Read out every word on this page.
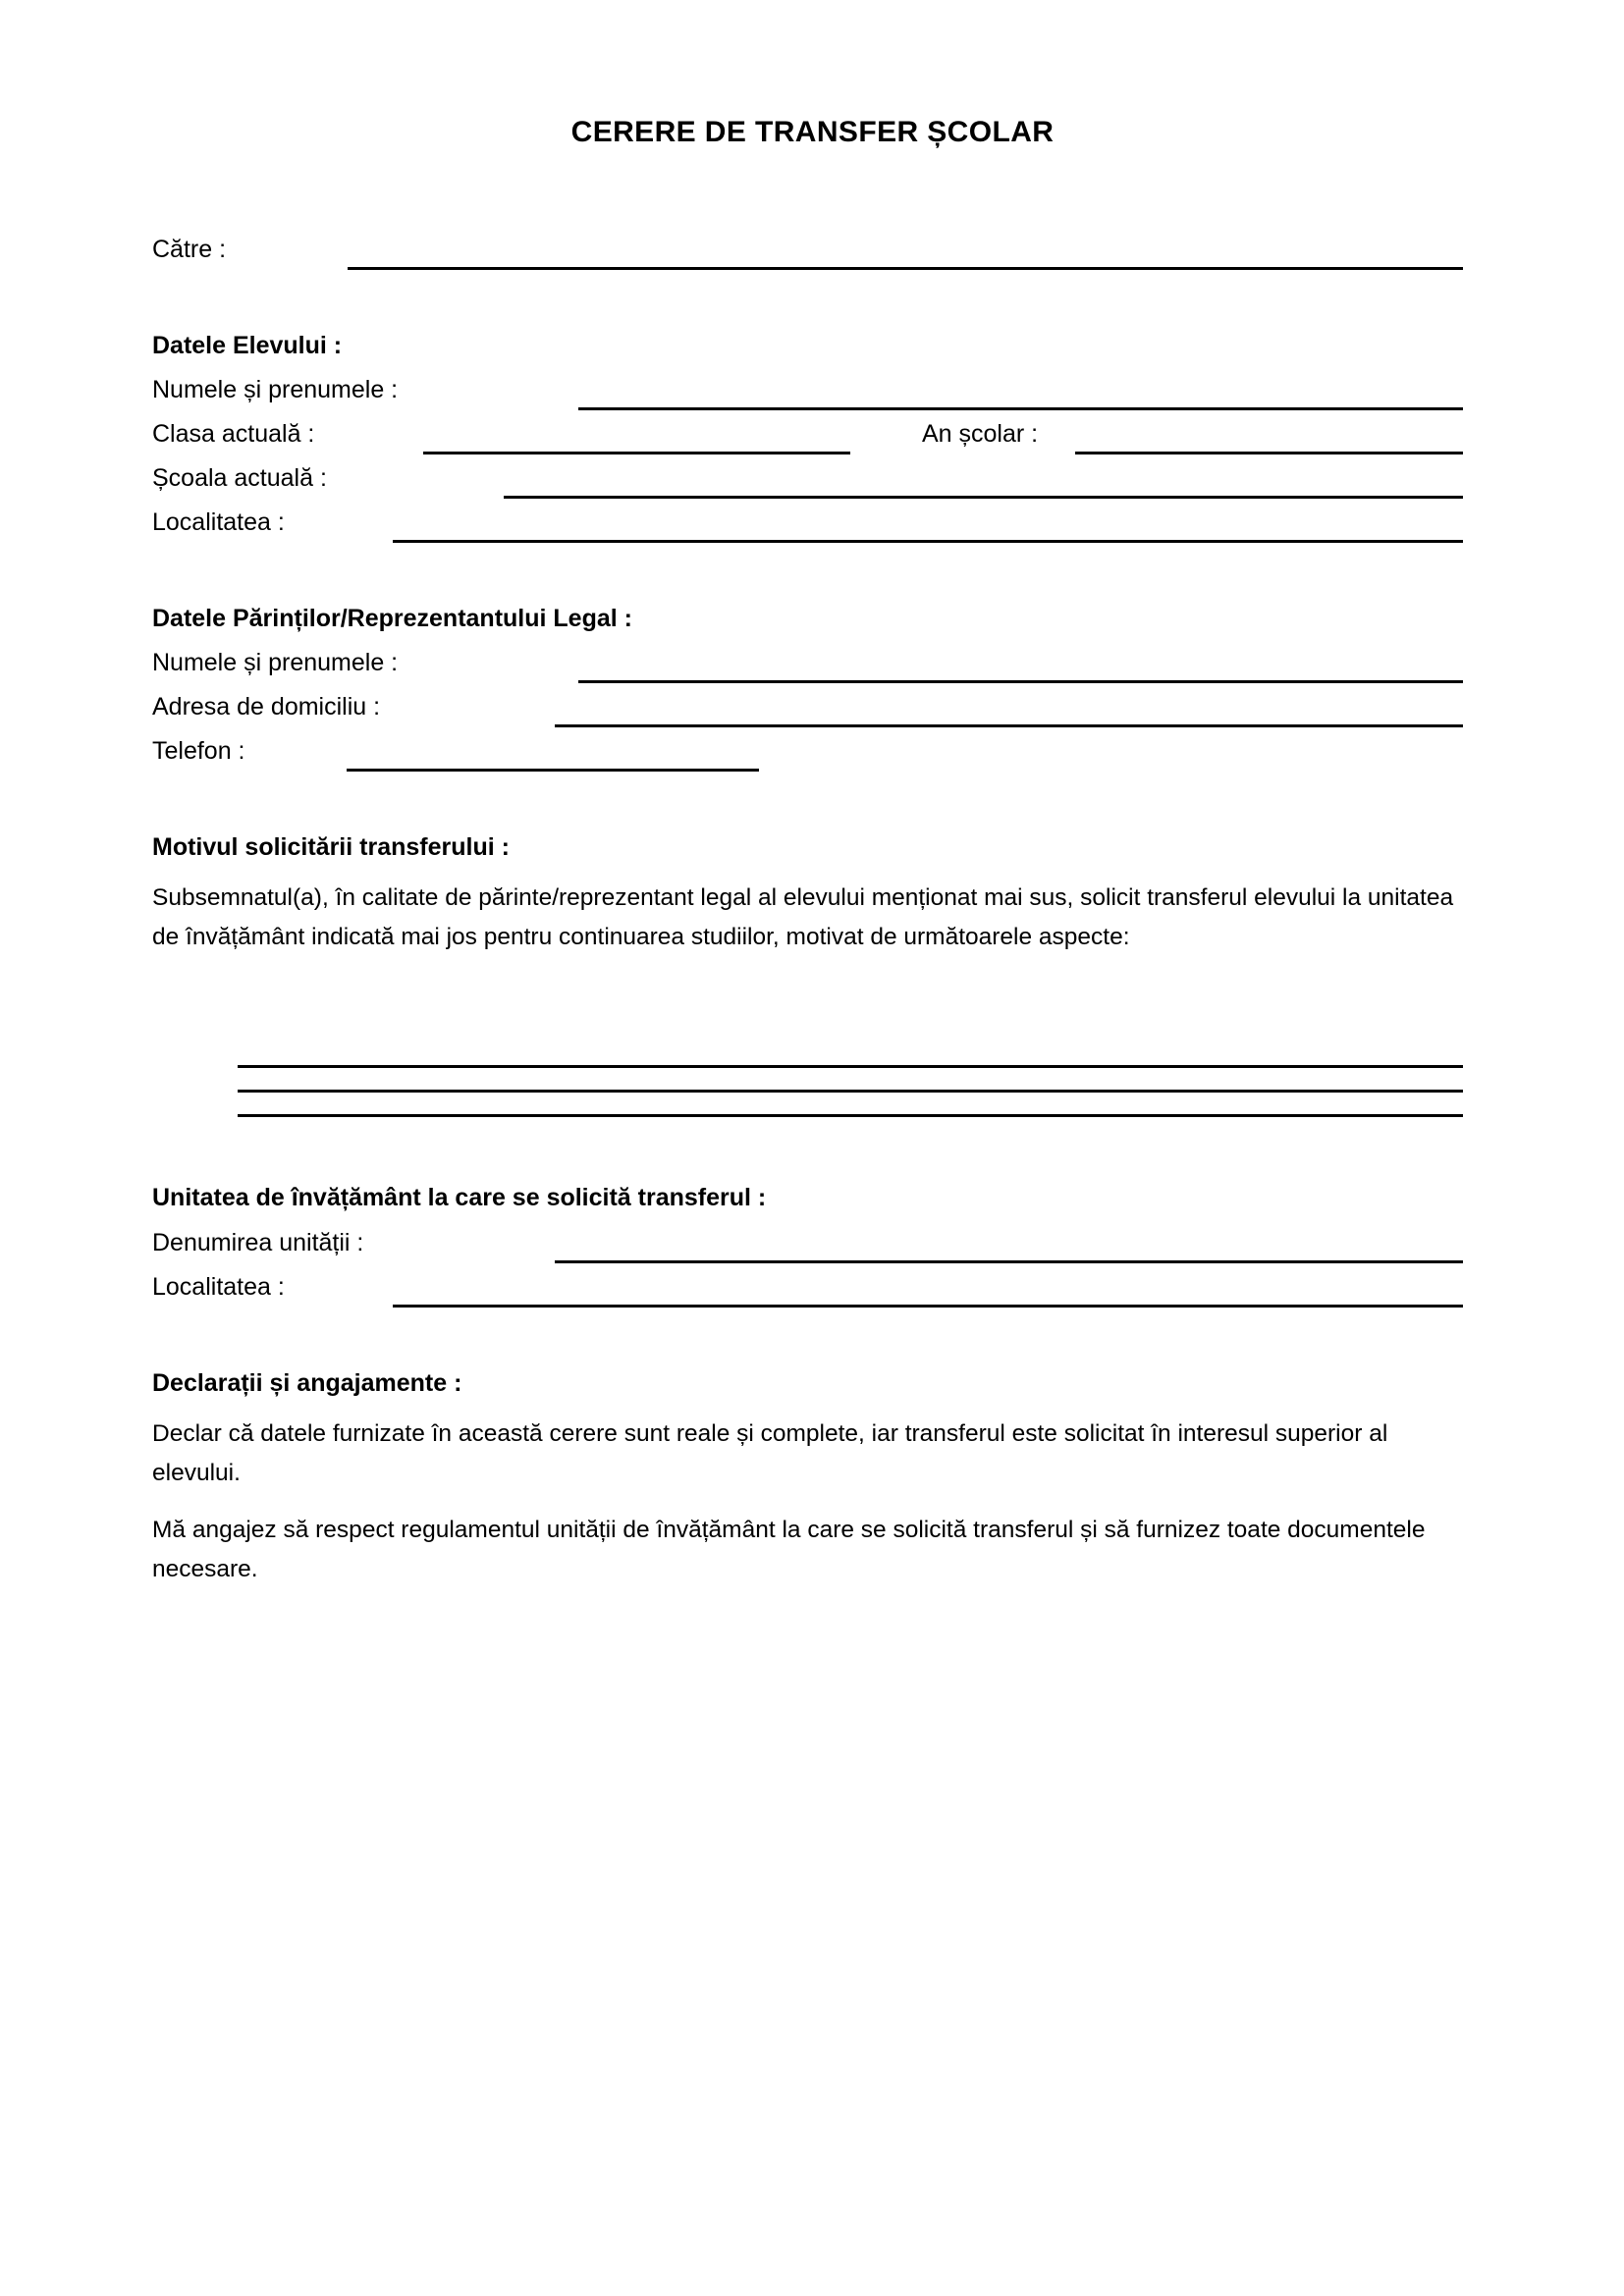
CERERE DE TRANSFER ȘCOLAR
Către :
Datele Elevului :
Numele și prenumele :
Clasa actuală :	An școlar :
Școala actuală :
Localitatea :
Datele Părinților/Reprezentantului Legal :
Numele și prenumele :
Adresa de domiciliu :
Telefon :
Motivul solicitării transferului :
Subsemnatul(a), în calitate de părinte/reprezentant legal al elevului menționat mai sus, solicit transferul elevului la unitatea de învățământ indicată mai jos pentru continuarea studiilor, motivat de următoarele aspecte:
Unitatea de învățământ la care se solicită transferul :
Denumirea unității :
Localitatea :
Declarații și angajamente :
Declar că datele furnizate în această cerere sunt reale și complete, iar transferul este solicitat în interesul superior al elevului.
Mă angajez să respect regulamentul unității de învățământ la care se solicită transferul și să furnizez toate documentele necesare.
